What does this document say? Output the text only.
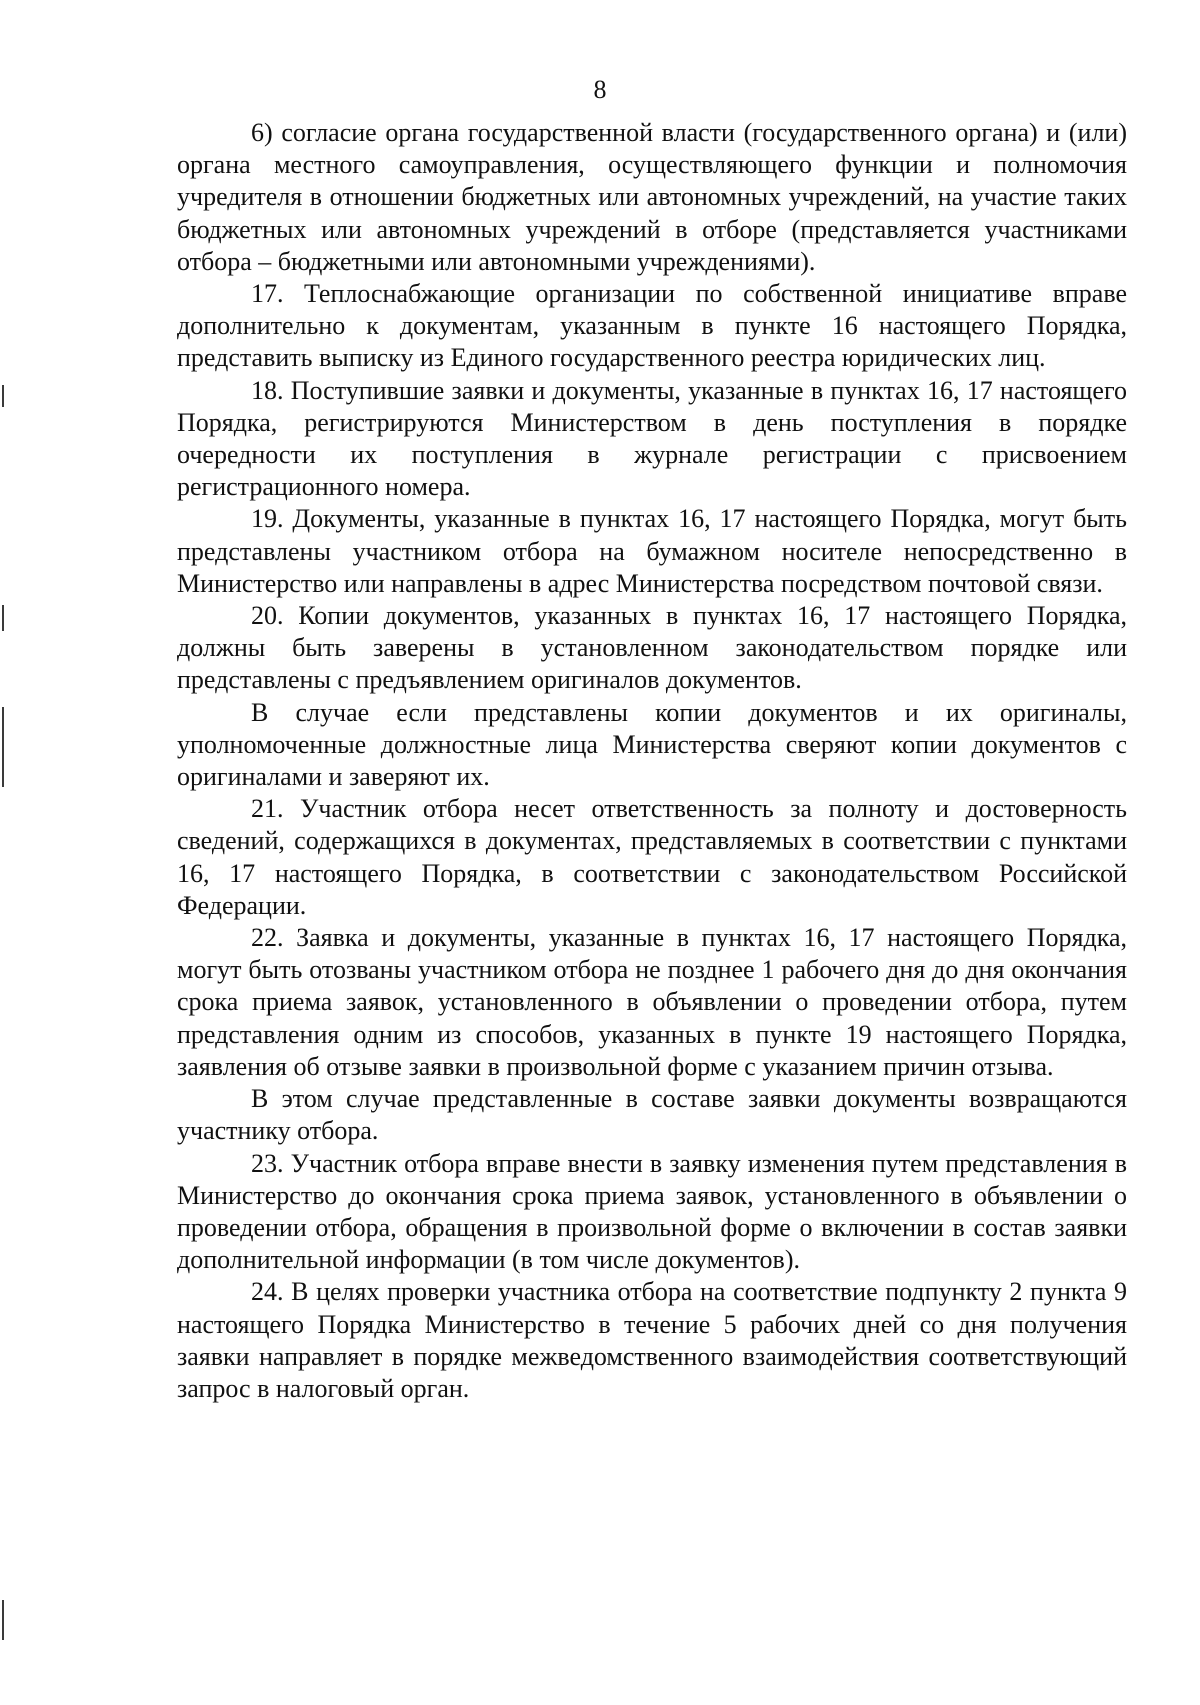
8

6) согласие органа государственной власти (государственного органа) и (или) органа местного самоуправления, осуществляющего функции и полномочия учредителя в отношении бюджетных или автономных учреждений, на участие таких бюджетных или автономных учреждений в отборе (представляется участниками отбора – бюджетными или автономными учреждениями).

17. Теплоснабжающие организации по собственной инициативе вправе дополнительно к документам, указанным в пункте 16 настоящего Порядка, представить выписку из Единого государственного реестра юридических лиц.

18. Поступившие заявки и документы, указанные в пунктах 16, 17 настоящего Порядка, регистрируются Министерством в день поступления в порядке очередности их поступления в журнале регистрации с присвоением регистрационного номера.

19. Документы, указанные в пунктах 16, 17 настоящего Порядка, могут быть представлены участником отбора на бумажном носителе непосредственно в Министерство или направлены в адрес Министерства посредством почтовой связи.

20. Копии документов, указанных в пунктах 16, 17 настоящего Порядка, должны быть заверены в установленном законодательством порядке или представлены с предъявлением оригиналов документов.

В случае если представлены копии документов и их оригиналы, уполномоченные должностные лица Министерства сверяют копии документов с оригиналами и заверяют их.

21. Участник отбора несет ответственность за полноту и достоверность сведений, содержащихся в документах, представляемых в соответствии с пунктами 16, 17 настоящего Порядка, в соответствии с законодательством Российской Федерации.

22. Заявка и документы, указанные в пунктах 16, 17 настоящего Порядка, могут быть отозваны участником отбора не позднее 1 рабочего дня до дня окончания срока приема заявок, установленного в объявлении о проведении отбора, путем представления одним из способов, указанных в пункте 19 настоящего Порядка, заявления об отзыве заявки в произвольной форме с указанием причин отзыва.

В этом случае представленные в составе заявки документы возвращаются участнику отбора.

23. Участник отбора вправе внести в заявку изменения путем представления в Министерство до окончания срока приема заявок, установленного в объявлении о проведении отбора, обращения в произвольной форме о включении в состав заявки дополнительной информации (в том числе документов).

24. В целях проверки участника отбора на соответствие подпункту 2 пункта 9 настоящего Порядка Министерство в течение 5 рабочих дней со дня получения заявки направляет в порядке межведомственного взаимодействия соответствующий запрос в налоговый орган.
